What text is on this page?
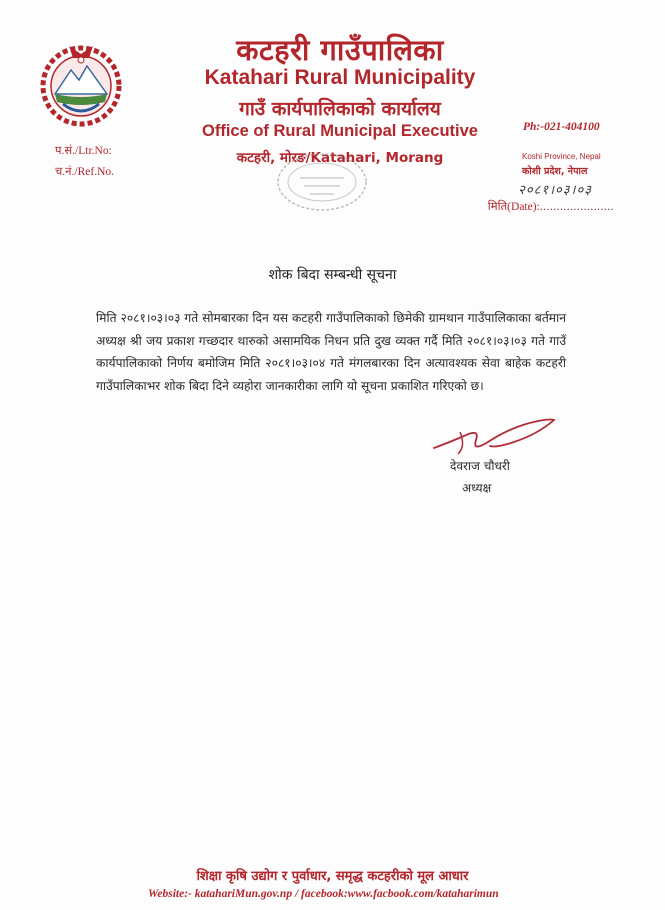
कटहरी गाउँपालिका
Katahari Rural Municipality
गाउँ कार्यपालिकाको कार्यालय
Office of Rural Municipal Executive
कटहरी, मोरङ/Katahari, Morang
प.सं./Ltr.No:
च.नं./Ref.No.
Ph:-021-404100
Koshi Province, Nepal
कोशी प्रदेश, नेपाल
२०८१।०३।०३
मिति(Date):......................
शोक बिदा सम्बन्धी सूचना
मिति २०८१।०३।०३ गते सोमबारका दिन यस कटहरी गाउँपालिकाको छिमेकी ग्रामथान गाउँपालिकाका बर्तमान अध्यक्ष श्री जय प्रकाश गच्छदार थारुको असामयिक निधन प्रति दुख व्यक्त गर्दै मिति २०८१।०३।०३ गते गाउँ कार्यपालिकाको निर्णय बमोजिम मिति २०८१।०३।०४ गते मंगलबारका दिन अत्यावश्यक सेवा बाहेक कटहरी गाउँपालिकाभर शोक बिदा दिने व्यहोरा जानकारीका लागि यो सूचना प्रकाशित गरिएको छ।
देवराज चौधरी
अध्यक्ष
शिक्षा कृषि उद्योग र पुर्वाधार, समृद्ध कटहरीको मूल आधार
Website:- katahariMun.gov.np / facebook:www.facbook.com/kataharimun
